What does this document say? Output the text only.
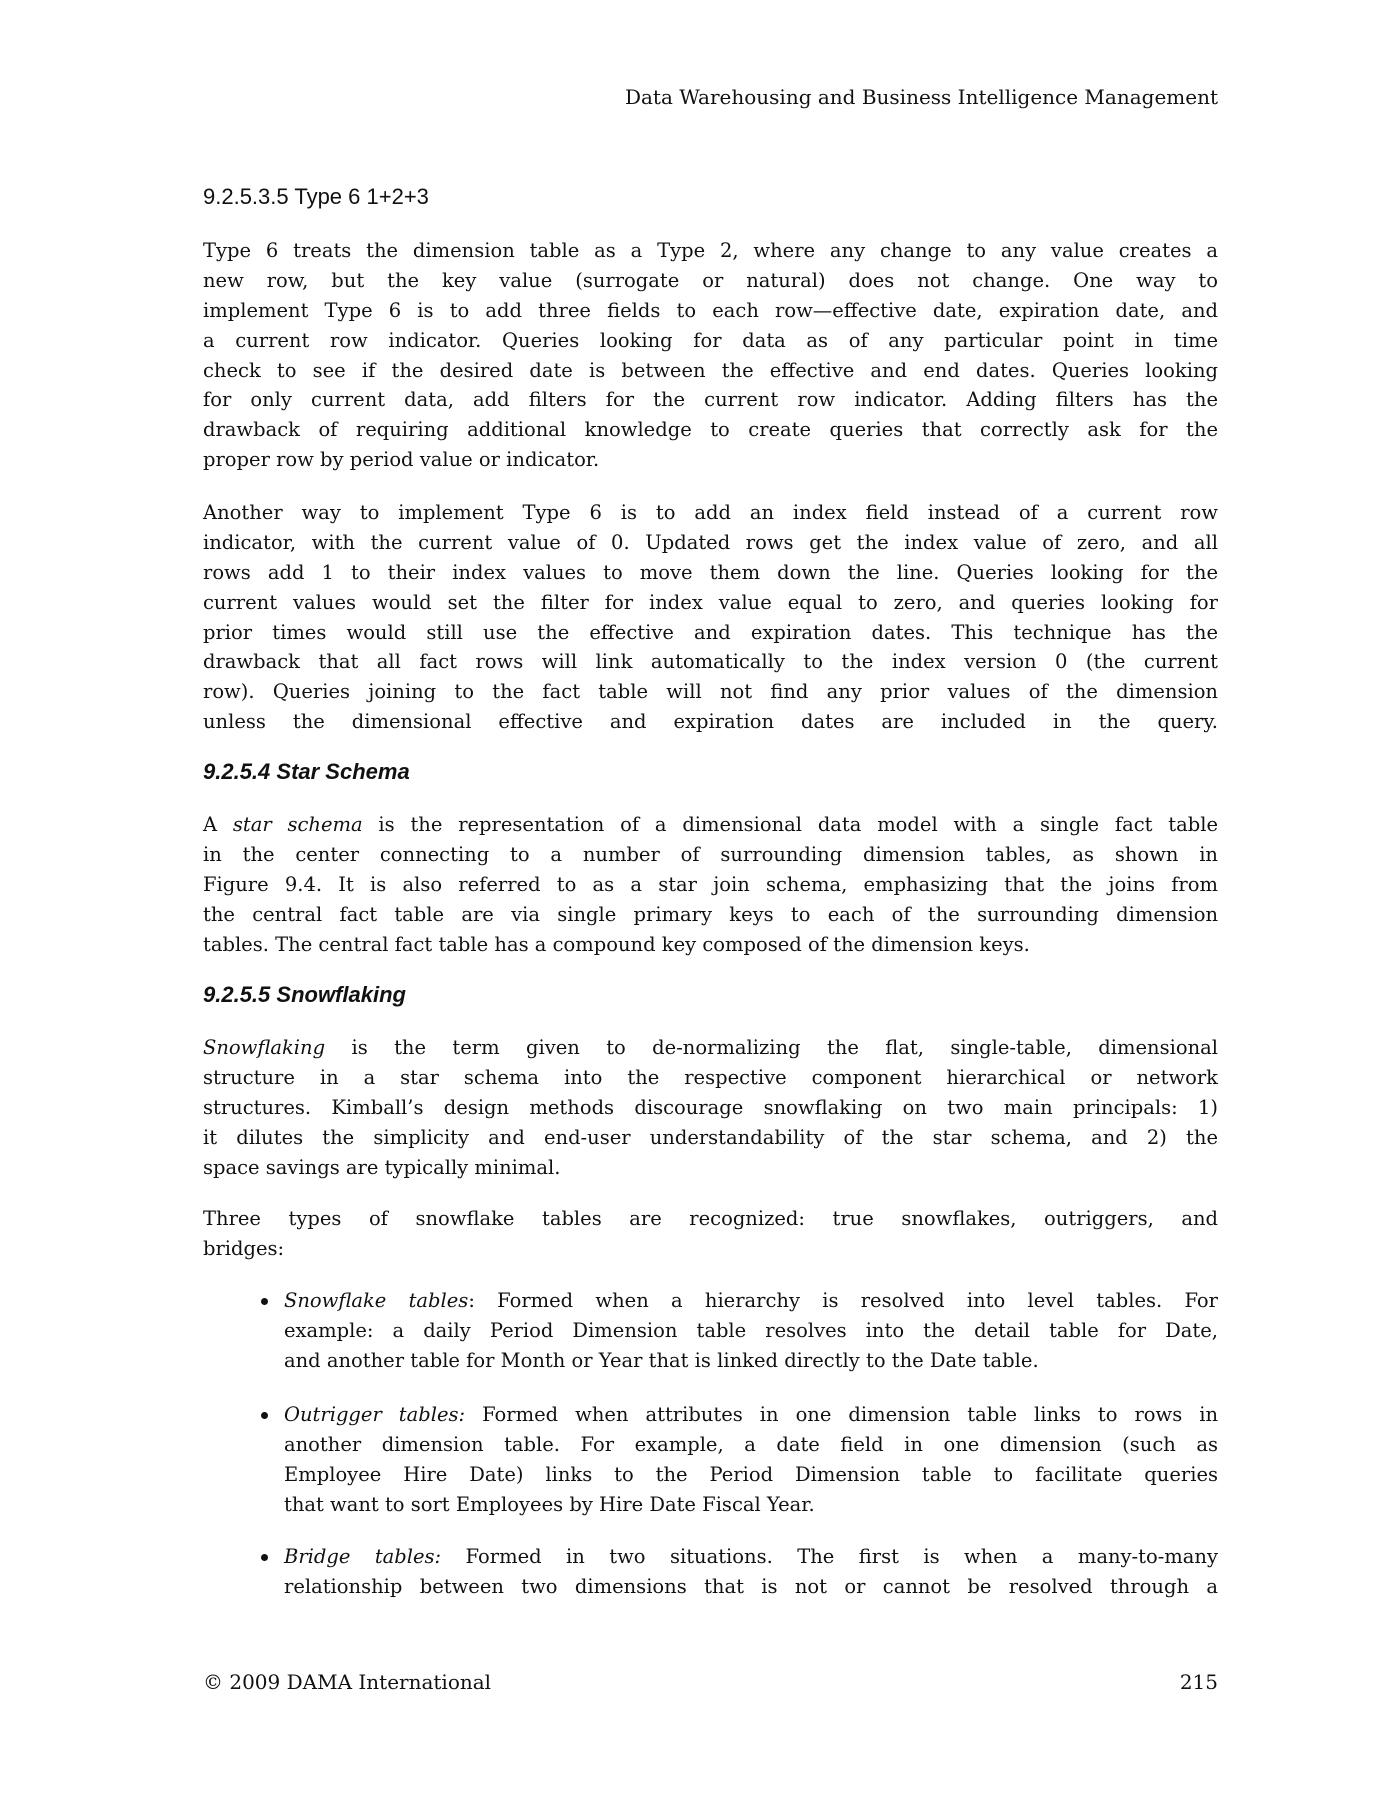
Data Warehousing and Business Intelligence Management
9.2.5.3.5 Type 6 1+2+3
Type 6 treats the dimension table as a Type 2, where any change to any value creates a
new row, but the key value (surrogate or natural) does not change. One way to
implement Type 6 is to add three fields to each row—effective date, expiration date, and
a current row indicator. Queries looking for data as of any particular point in time
check to see if the desired date is between the effective and end dates. Queries looking
for only current data, add filters for the current row indicator. Adding filters has the
drawback of requiring additional knowledge to create queries that correctly ask for the
proper row by period value or indicator.
Another way to implement Type 6 is to add an index field instead of a current row
indicator, with the current value of 0. Updated rows get the index value of zero, and all
rows add 1 to their index values to move them down the line. Queries looking for the
current values would set the filter for index value equal to zero, and queries looking for
prior times would still use the effective and expiration dates. This technique has the
drawback that all fact rows will link automatically to the index version 0 (the current
row). Queries joining to the fact table will not find any prior values of the dimension
unless the dimensional effective and expiration dates are included in the query.
9.2.5.4 Star Schema
A star schema is the representation of a dimensional data model with a single fact table
in the center connecting to a number of surrounding dimension tables, as shown in
Figure 9.4. It is also referred to as a star join schema, emphasizing that the joins from
the central fact table are via single primary keys to each of the surrounding dimension
tables. The central fact table has a compound key composed of the dimension keys.
9.2.5.5 Snowflaking
Snowflaking is the term given to de-normalizing the flat, single-table, dimensional
structure in a star schema into the respective component hierarchical or network
structures. Kimball’s design methods discourage snowflaking on two main principals: 1)
it dilutes the simplicity and end-user understandability of the star schema, and 2) the
space savings are typically minimal.
Three types of snowflake tables are recognized: true snowflakes, outriggers, and
bridges:
Snowflake tables: Formed when a hierarchy is resolved into level tables. For
example: a daily Period Dimension table resolves into the detail table for Date,
and another table for Month or Year that is linked directly to the Date table.
Outrigger tables: Formed when attributes in one dimension table links to rows in
another dimension table. For example, a date field in one dimension (such as
Employee Hire Date) links to the Period Dimension table to facilitate queries
that want to sort Employees by Hire Date Fiscal Year.
Bridge tables: Formed in two situations. The first is when a many-to-many
relationship between two dimensions that is not or cannot be resolved through a
© 2009 DAMA International	215
